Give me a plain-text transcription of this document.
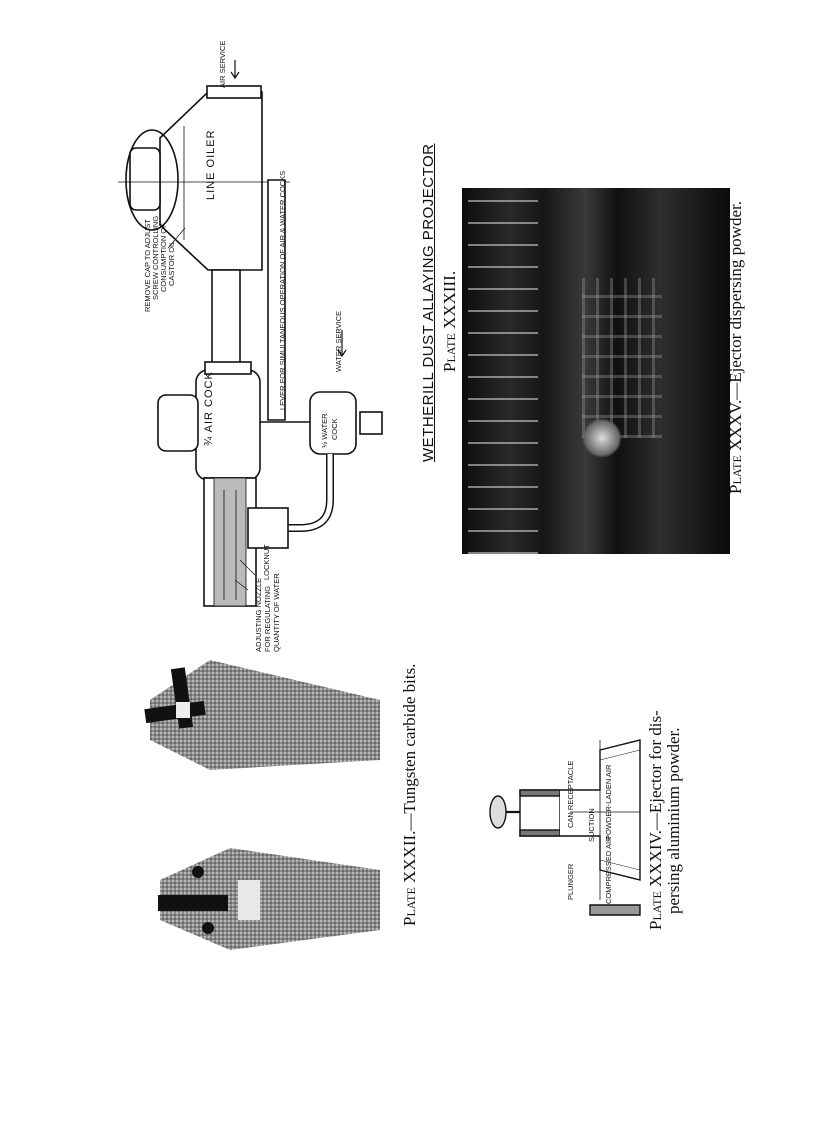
AIR SERVICE
LINE OILER
REMOVE CAP TO ADJUST SCREW CONTROLLING CONSUMPTION OF CASTOR OIL	LEVER FOR SIMULTANEOUS OPERATION OF AIR & WATER COCKS	WATER SERVICE
¾ AIR COCK	½ WATER COCK
LOCKNUT
ADJUSTING NOZZLE FOR REGULATING QUANTITY OF WATER
WETHERILL DUST ALLAYING PROJECTOR Plate XXXIII.
Plate XXXV.—Ejector dispersing powder.
Plate XXXII.—Tungsten carbide bits.	PLUNGER
CAN RECEPTACLE SUCTION
COMPRESSED AIR
POWDER-LADEN AIR
Plate XXXIV.—Ejector for dis- persing aluminium powder.
